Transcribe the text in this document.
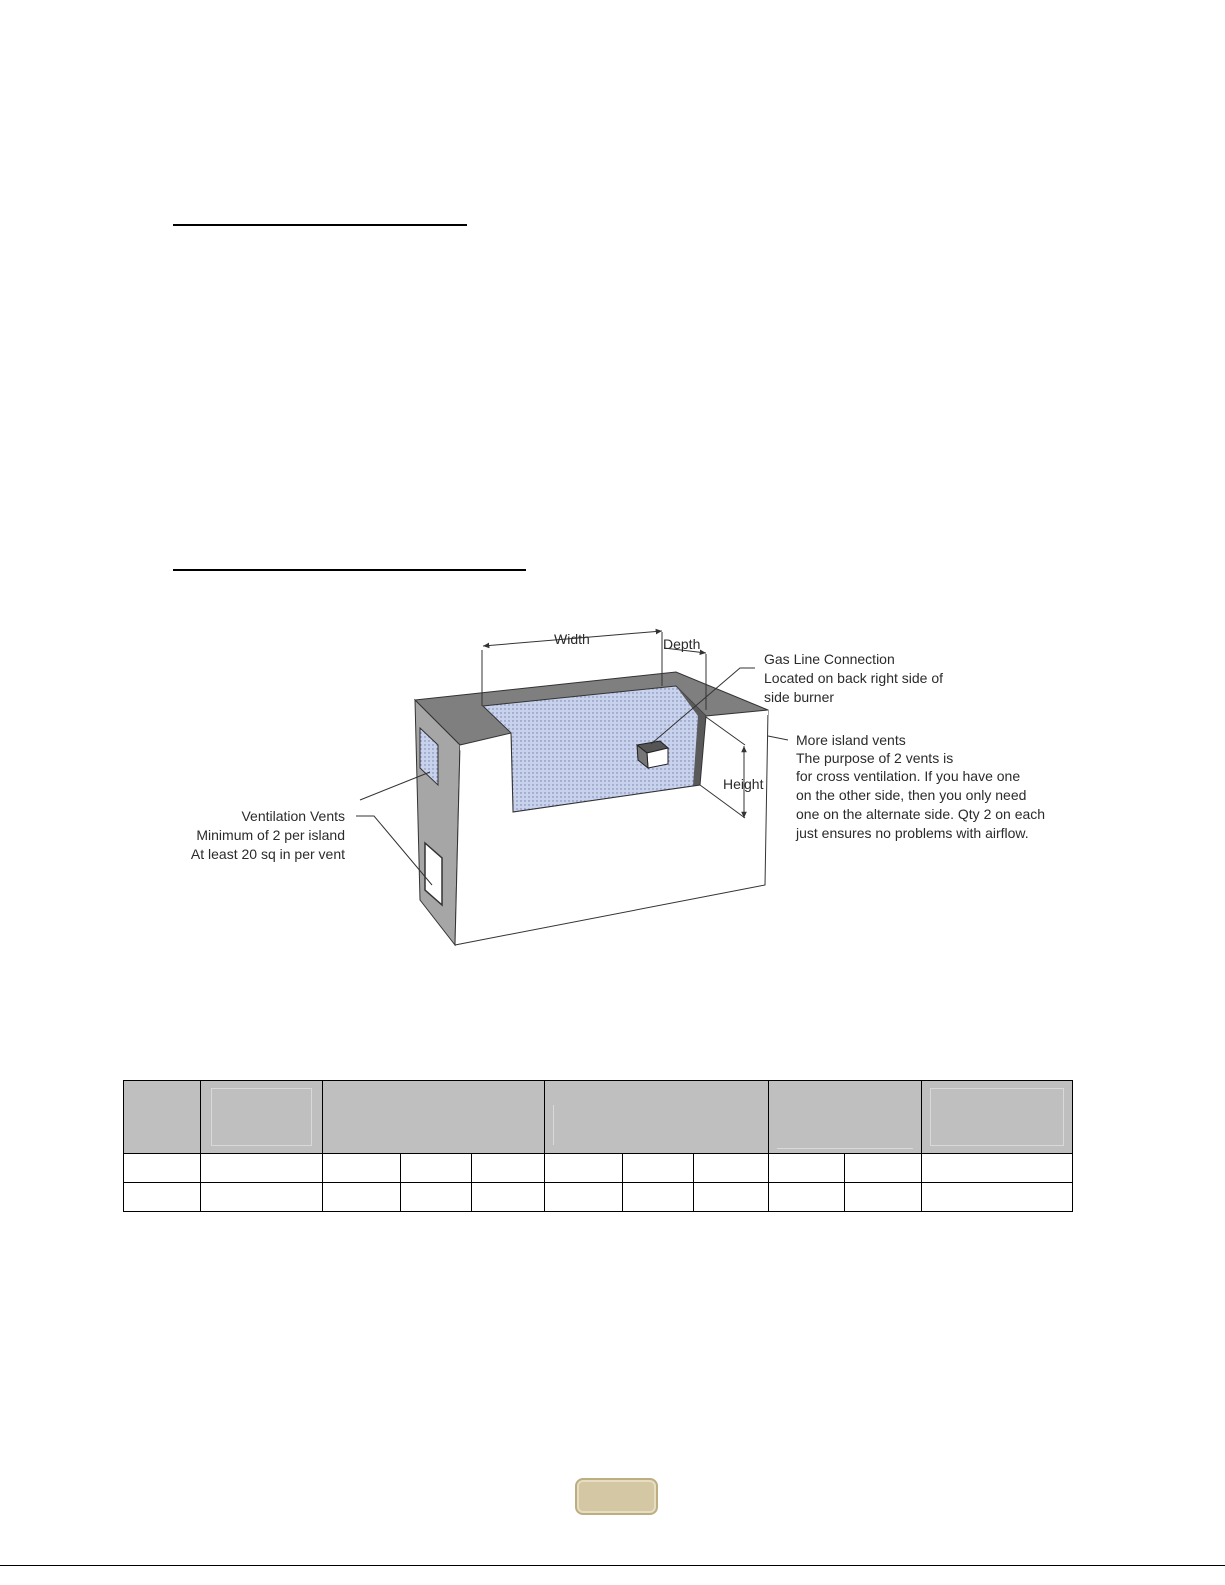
Width	Depth
Height
Gas Line Connection
Located on back right side of
side burner
More island vents
The purpose of 2 vents is
for cross ventilation. If you have one
on the other side, then you only need
one on the alternate side. Qty 2 on each
just ensures no problems with airflow.
Ventilation Vents
Minimum of 2 per island
At least 20 sq in per vent
